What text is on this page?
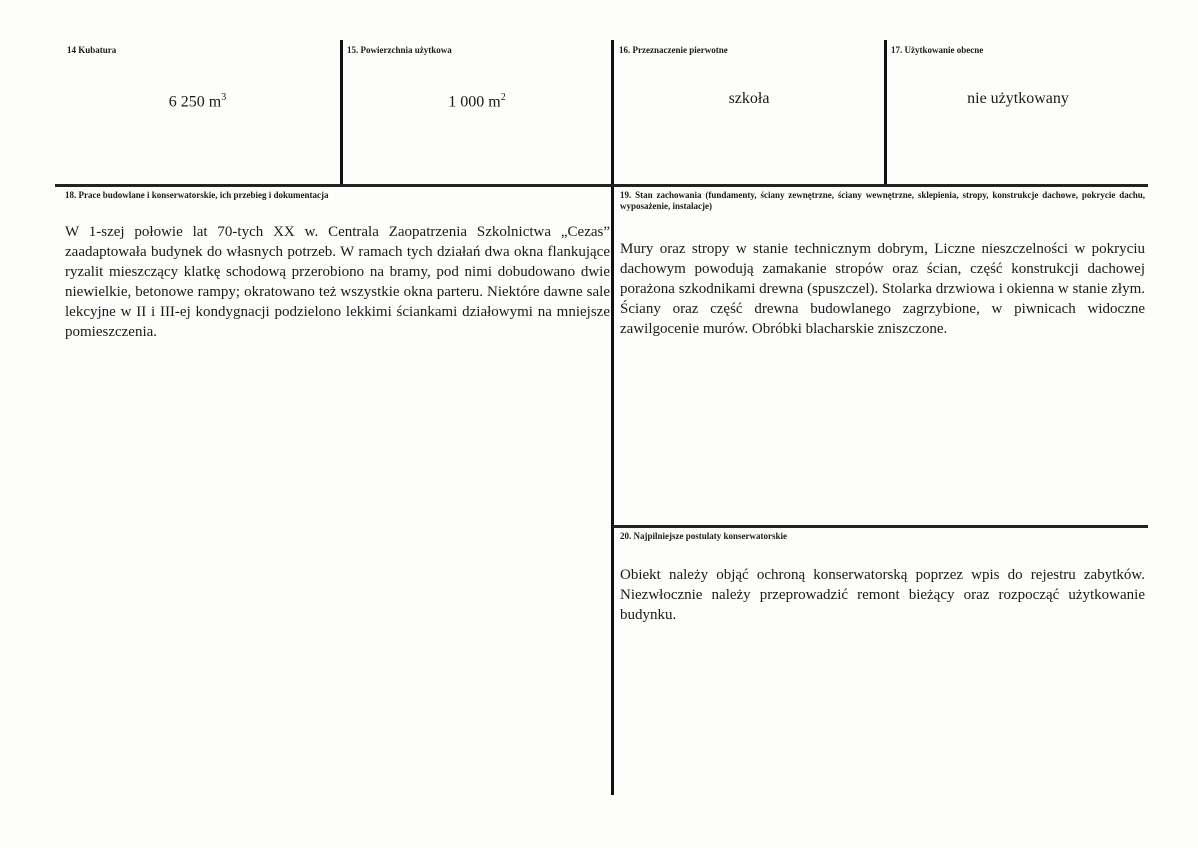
14 Kubatura
6 250 $m^3$
15. Powierzchnia użytkowa
1 000 $m^2$
16. Przeznaczenie pierwotne
szkoła
17. Użytkowanie obecne
nie użytkowany
18. Prace budowlane i konserwatorskie, ich przebieg i dokumentacja
W 1-szej połowie lat 70-tych XX w. Centrala Zaopatrzenia Szkolnictwa „Cezas” zaadaptowała budynek do własnych potrzeb. W ramach tych działań dwa okna flankujące ryzalit mieszczący klatkę schodową przerobiono na bramy, pod nimi dobudowano dwie niewielkie, betonowe rampy; okratowano też wszystkie okna parteru. Niektóre dawne sale lekcyjne w II i III-ej kondygnacji podzielono lekkimi ściankami działowymi na mniejsze pomieszczenia.
19. Stan zachowania (fundamenty, ściany zewnętrzne, ściany wewnętrzne, sklepienia, stropy, konstrukcje dachowe, pokrycie dachu, wyposażenie, instalacje)
Mury oraz stropy w stanie technicznym dobrym, Liczne nieszczelności w pokryciu dachowym powodują zamakanie stropów oraz ścian, część konstrukcji dachowej porażona szkodnikami drewna (spuszczel). Stolarka drzwiowa i okienna w stanie złym. Ściany oraz część drewna budowlanego zagrzybione, w piwnicach widoczne zawilgocenie murów. Obróbki blacharskie zniszczone.
20. Najpilniejsze postulaty konserwatorskie
Obiekt należy objąć ochroną konserwatorską poprzez wpis do rejestru zabytków. Niezwłocznie należy przeprowadzić remont bieżący oraz rozpocząć użytkowanie budynku.
